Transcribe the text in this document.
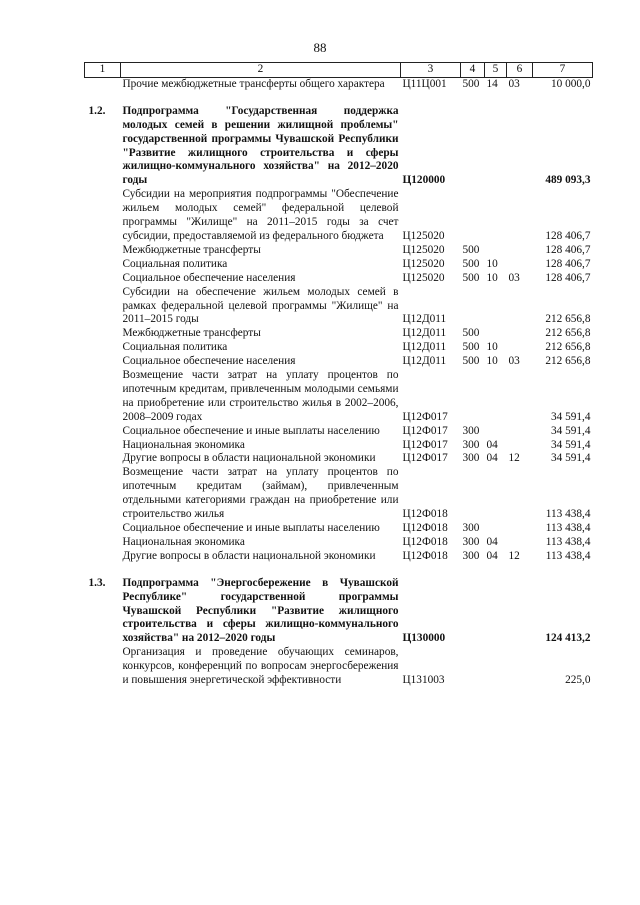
88
1	2	3	4	5	6	7
	Прочие межбюджетные трансферты общего характера	Ц11Ц001	500	14	03	10 000,0

1.2.	Подпрограмма "Государственная поддержка молодых семей в решении жилищной проблемы" государственной программы Чувашской Республики "Развитие жилищного строительства и сферы жилищно-коммунального хозяйства" на 2012–2020 годы	Ц120000				489 093,3
	Субсидии на мероприятия подпрограммы "Обеспечение жильем молодых семей" федеральной целевой программы "Жилище" на 2011–2015 годы за счет субсидии, предоставляемой из федерального бюджета	Ц125020				128 406,7
	Межбюджетные трансферты	Ц125020	500			128 406,7
	Социальная политика	Ц125020	500	10		128 406,7
	Социальное обеспечение населения	Ц125020	500	10	03	128 406,7
	Субсидии на обеспечение жильем молодых семей в рамках федеральной целевой программы "Жилище" на 2011–2015 годы	Ц12Д011				212 656,8
	Межбюджетные трансферты	Ц12Д011	500			212 656,8
	Социальная политика	Ц12Д011	500	10		212 656,8
	Социальное обеспечение населения	Ц12Д011	500	10	03	212 656,8
	Возмещение части затрат на уплату процентов по ипотечным кредитам, привлеченным молодыми семьями на приобретение или строительство жилья в 2002–2006, 2008–2009 годах	Ц12Ф017				34 591,4
	Социальное обеспечение и иные выплаты населению	Ц12Ф017	300			34 591,4
	Национальная экономика	Ц12Ф017	300	04		34 591,4
	Другие вопросы в области национальной экономики	Ц12Ф017	300	04	12	34 591,4
	Возмещение части затрат на уплату процентов по ипотечным кредитам (займам), привлеченным отдельными категориями граждан на приобретение или строительство жилья	Ц12Ф018				113 438,4
	Социальное обеспечение и иные выплаты населению	Ц12Ф018	300			113 438,4
	Национальная экономика	Ц12Ф018	300	04		113 438,4
	Другие вопросы в области национальной экономики	Ц12Ф018	300	04	12	113 438,4

1.3.	Подпрограмма "Энергосбережение в Чувашской Республике" государственной программы Чувашской Республики "Развитие жилищного строительства и сферы жилищно-коммунального хозяйства" на 2012–2020 годы	Ц130000				124 413,2
	Организация и проведение обучающих семинаров, конкурсов, конференций по вопросам энергосбережения и повышения энергетической эффективности	Ц131003				225,0
